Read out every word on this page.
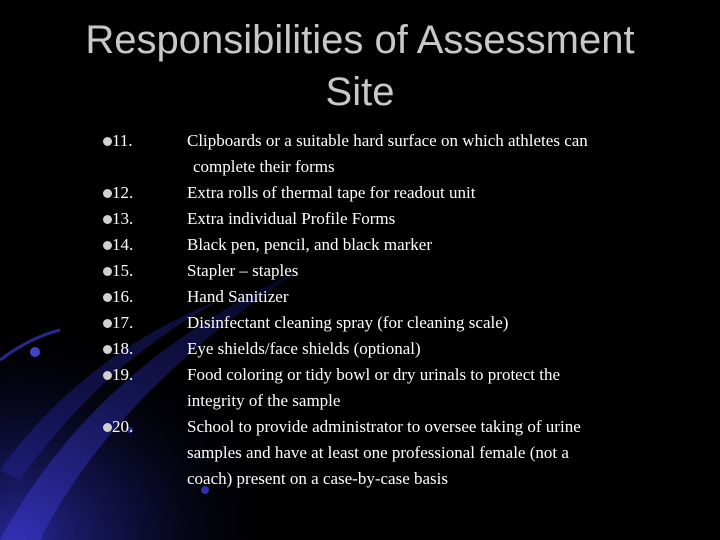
Responsibilities of Assessment
Site
11.	Clipboards or a suitable hard surface on which athletes can
complete their forms
12.	Extra rolls of thermal tape for readout unit
13.	Extra individual Profile Forms
14.	Black pen, pencil, and black marker
15.	Stapler – staples
16.	Hand Sanitizer
17.	Disinfectant cleaning spray (for cleaning scale)
18.	Eye shields/face shields (optional)
19.	Food coloring or tidy bowl or dry urinals to protect the
integrity of the sample
20.	School to provide administrator to oversee taking of urine
samples and have at least one professional female (not a
coach) present on a case-by-case basis
